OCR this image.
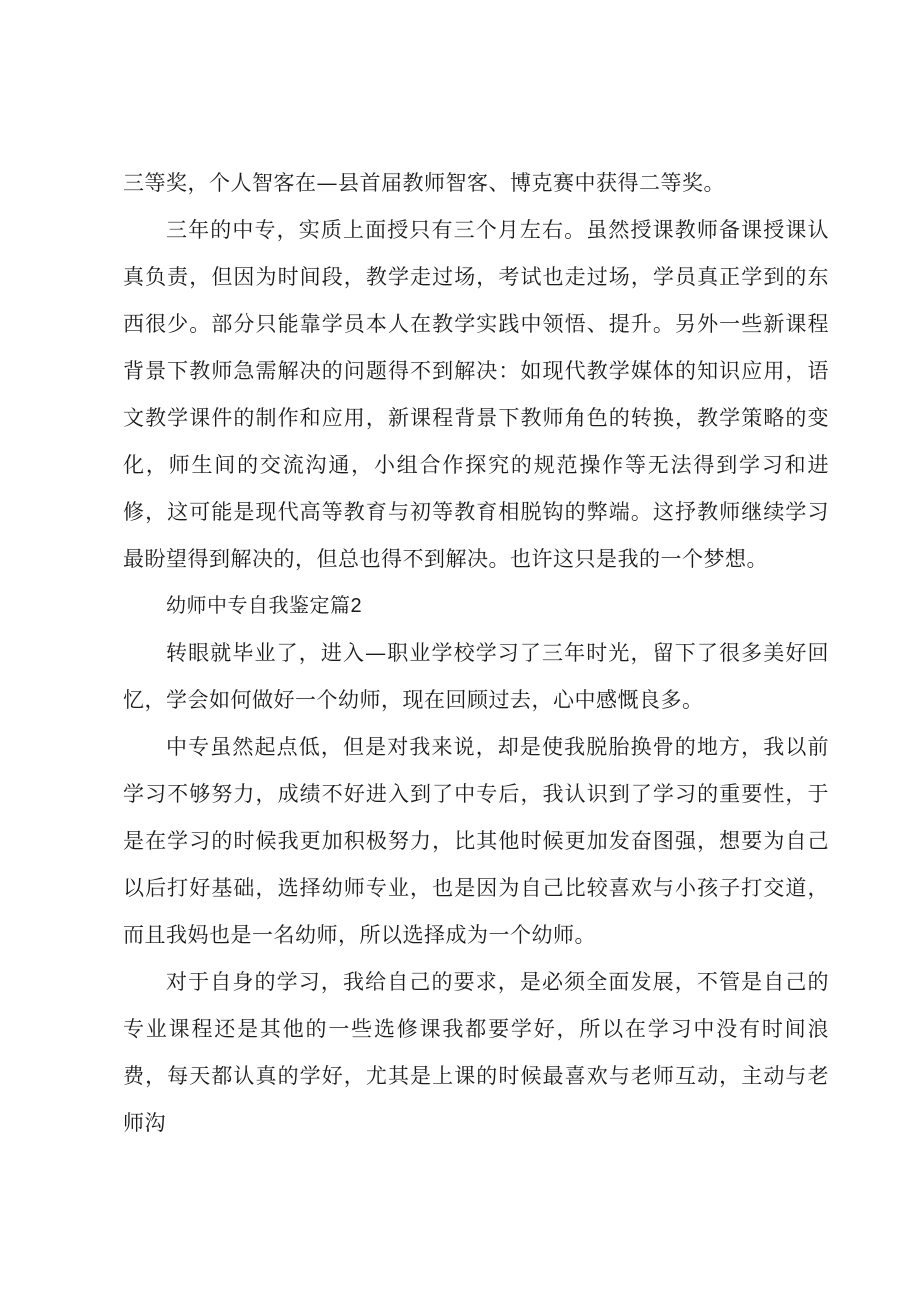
三等奖，个人智客在—县首届教师智客、博克赛中获得二等奖。

三年的中专，实质上面授只有三个月左右。虽然授课教师备课授课认真负责，但因为时间段，教学走过场，考试也走过场，学员真正学到的东西很少。部分只能靠学员本人在教学实践中领悟、提升。另外一些新课程背景下教师急需解决的问题得不到解决：如现代教学媒体的知识应用，语文教学课件的制作和应用，新课程背景下教师角色的转换，教学策略的变化，师生间的交流沟通，小组合作探究的规范操作等无法得到学习和进修，这可能是现代高等教育与初等教育相脱钩的弊端。这抒教师继续学习最盼望得到解决的，但总也得不到解决。也许这只是我的一个梦想。

幼师中专自我鉴定篇2

转眼就毕业了，进入—职业学校学习了三年时光，留下了很多美好回忆，学会如何做好一个幼师，现在回顾过去，心中感慨良多。

中专虽然起点低，但是对我来说，却是使我脱胎换骨的地方，我以前学习不够努力，成绩不好进入到了中专后，我认识到了学习的重要性，于是在学习的时候我更加积极努力，比其他时候更加发奋图强，想要为自己以后打好基础，选择幼师专业，也是因为自己比较喜欢与小孩子打交道，而且我妈也是一名幼师，所以选择成为一个幼师。

对于自身的学习，我给自己的要求，是必须全面发展，不管是自己的专业课程还是其他的一些选修课我都要学好，所以在学习中没有时间浪费，每天都认真的学好，尤其是上课的时候最喜欢与老师互动，主动与老师沟
